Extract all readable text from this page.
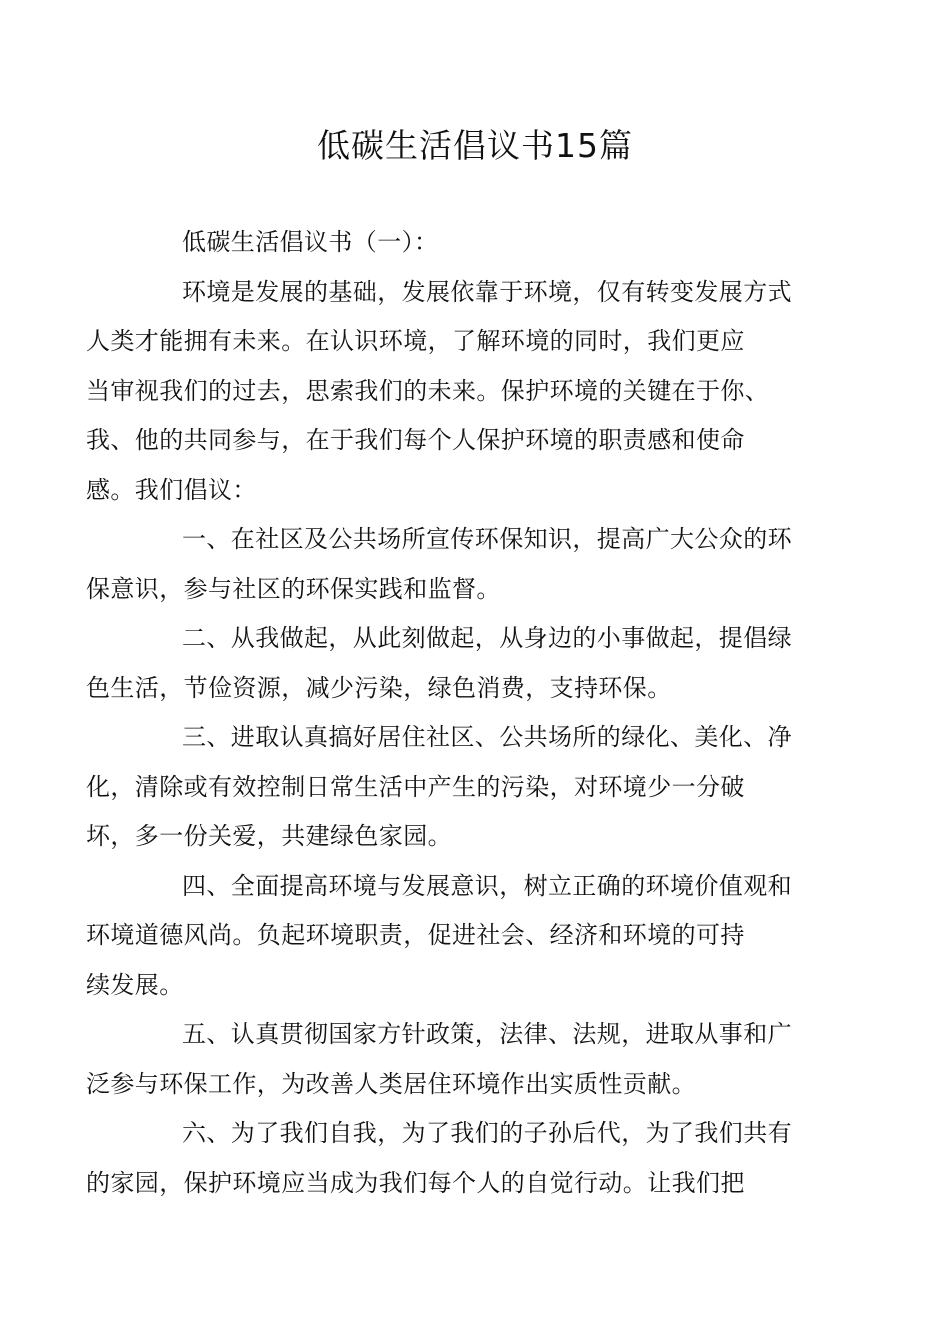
低碳生活倡议书15篇

低碳生活倡议书（一）：

环境是发展的基础，发展依靠于环境，仅有转变发展方式
人类才能拥有未来。在认识环境，了解环境的同时，我们更应
当审视我们的过去，思索我们的未来。保护环境的关键在于你、
我、他的共同参与，在于我们每个人保护环境的职责感和使命
感。我们倡议：

一、在社区及公共场所宣传环保知识，提高广大公众的环
保意识，参与社区的环保实践和监督。

二、从我做起，从此刻做起，从身边的小事做起，提倡绿
色生活，节俭资源，减少污染，绿色消费，支持环保。

三、进取认真搞好居住社区、公共场所的绿化、美化、净
化，清除或有效控制日常生活中产生的污染，对环境少一分破
坏，多一份关爱，共建绿色家园。

四、全面提高环境与发展意识，树立正确的环境价值观和
环境道德风尚。负起环境职责，促进社会、经济和环境的可持
续发展。

五、认真贯彻国家方针政策，法律、法规，进取从事和广
泛参与环保工作，为改善人类居住环境作出实质性贡献。

六、为了我们自我，为了我们的子孙后代，为了我们共有
的家园，保护环境应当成为我们每个人的自觉行动。让我们把
